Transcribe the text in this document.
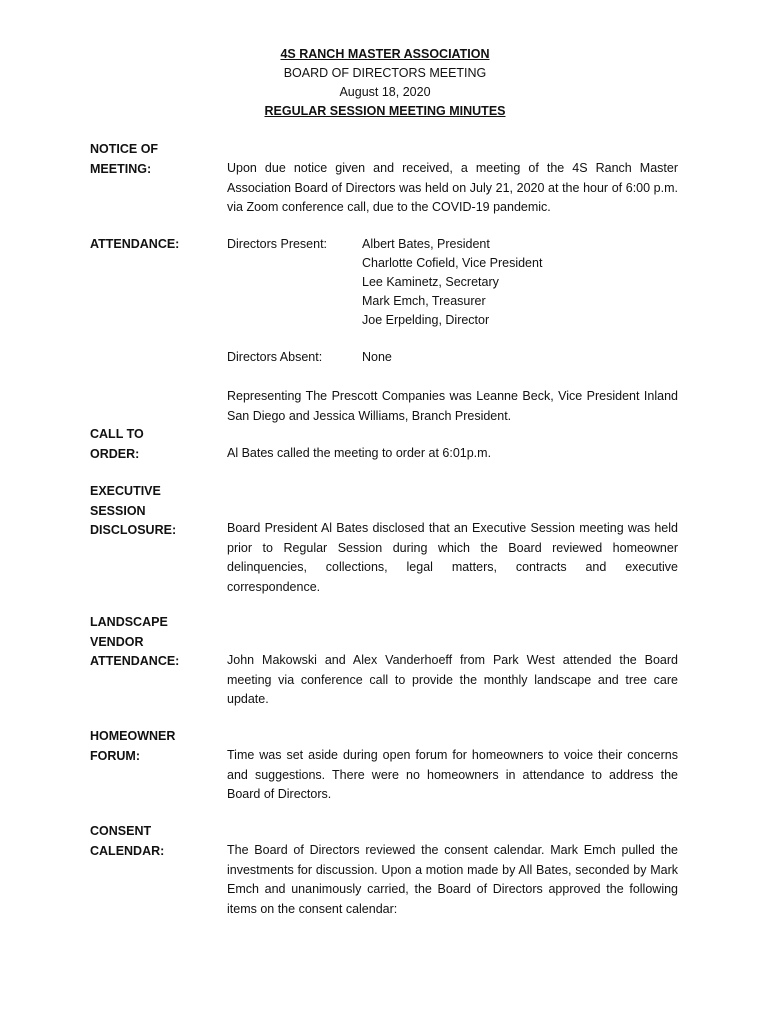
4S RANCH MASTER ASSOCIATION
BOARD OF DIRECTORS MEETING
August 18, 2020
REGULAR SESSION MEETING MINUTES
NOTICE OF
MEETING:	Upon due notice given and received, a meeting of the 4S Ranch Master Association Board of Directors was held on July 21, 2020 at the hour of 6:00 p.m. via Zoom conference call, due to the COVID-19 pandemic.
ATTENDANCE:	Directors Present:	Albert Bates, President
Charlotte Cofield, Vice President
Lee Kaminetz, Secretary
Mark Emch, Treasurer
Joe Erpelding, Director
Directors Absent:	None
Representing The Prescott Companies was Leanne Beck, Vice President Inland San Diego and Jessica Williams, Branch President.
CALL TO
ORDER:	Al Bates called the meeting to order at 6:01p.m.
EXECUTIVE
SESSION
DISCLOSURE:	Board President Al Bates disclosed that an Executive Session meeting was held prior to Regular Session during which the Board reviewed homeowner delinquencies, collections, legal matters, contracts and executive correspondence.
LANDSCAPE
VENDOR
ATTENDANCE:	John Makowski and Alex Vanderhoeff from Park West attended the Board meeting via conference call to provide the monthly landscape and tree care update.
HOMEOWNER
FORUM:	Time was set aside during open forum for homeowners to voice their concerns and suggestions. There were no homeowners in attendance to address the Board of Directors.
CONSENT
CALENDAR:	The Board of Directors reviewed the consent calendar. Mark Emch pulled the investments for discussion. Upon a motion made by All Bates, seconded by Mark Emch and unanimously carried, the Board of Directors approved the following items on the consent calendar:
